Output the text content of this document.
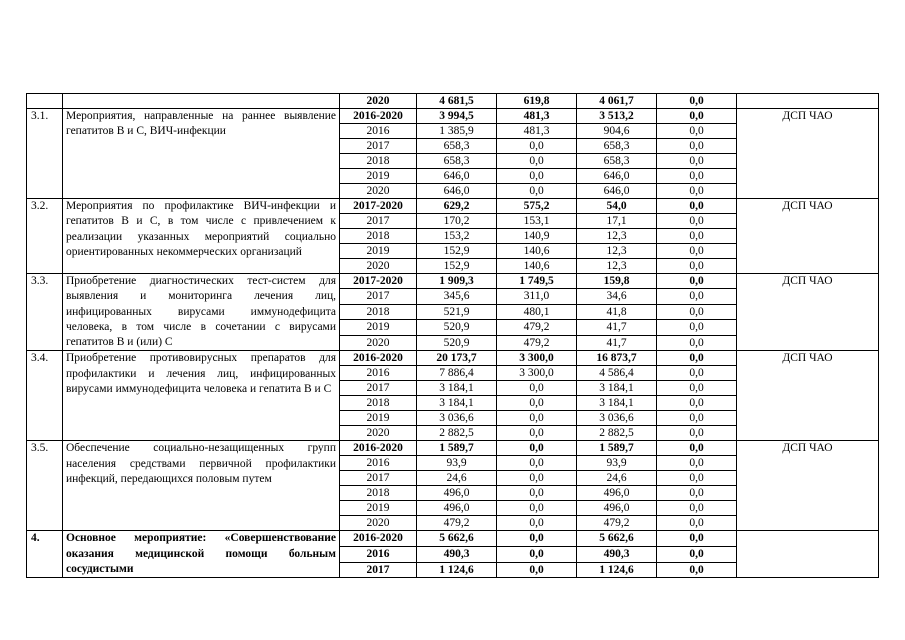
		2020	4 681,5	619,8	4 061,7	0,0	
3.1.	Мероприятия, направленные на раннее выявление гепатитов В и С, ВИЧ-инфекции	2016-2020	3 994,5	481,3	3 513,2	0,0	ДСП ЧАО
		2016	1 385,9	481,3	904,6	0,0	
		2017	658,3	0,0	658,3	0,0	
		2018	658,3	0,0	658,3	0,0	
		2019	646,0	0,0	646,0	0,0	
		2020	646,0	0,0	646,0	0,0	
3.2.	Мероприятия по профилактике ВИЧ-инфекции и гепатитов В и С, в том числе с привлечением к реализации указанных мероприятий социально ориентированных некоммерческих организаций	2017-2020	629,2	575,2	54,0	0,0	ДСП ЧАО
		2017	170,2	153,1	17,1	0,0	
		2018	153,2	140,9	12,3	0,0	
		2019	152,9	140,6	12,3	0,0	
		2020	152,9	140,6	12,3	0,0	
3.3.	Приобретение диагностических тест-систем для выявления и мониторинга лечения лиц, инфицированных вирусами иммунодефицита человека, в том числе в сочетании с вирусами гепатитов В и (или) С	2017-2020	1 909,3	1 749,5	159,8	0,0	ДСП ЧАО
		2017	345,6	311,0	34,6	0,0	
		2018	521,9	480,1	41,8	0,0	
		2019	520,9	479,2	41,7	0,0	
		2020	520,9	479,2	41,7	0,0	
3.4.	Приобретение противовирусных препаратов для профилактики и лечения лиц, инфицированных вирусами иммунодефицита человека и гепатита В и С	2016-2020	20 173,7	3 300,0	16 873,7	0,0	ДСП ЧАО
		2016	7 886,4	3 300,0	4 586,4	0,0	
		2017	3 184,1	0,0	3 184,1	0,0	
		2018	3 184,1	0,0	3 184,1	0,0	
		2019	3 036,6	0,0	3 036,6	0,0	
		2020	2 882,5	0,0	2 882,5	0,0	
3.5.	Обеспечение социально-незащищенных групп населения средствами первичной профилактики инфекций, передающихся половым путем	2016-2020	1 589,7	0,0	1 589,7	0,0	ДСП ЧАО
		2016	93,9	0,0	93,9	0,0	
		2017	24,6	0,0	24,6	0,0	
		2018	496,0	0,0	496,0	0,0	
		2019	496,0	0,0	496,0	0,0	
		2020	479,2	0,0	479,2	0,0	
4.	Основное мероприятие: «Совершенствование оказания медицинской помощи больным сосудистыми	2016-2020	5 662,6	0,0	5 662,6	0,0	
		2016	490,3	0,0	490,3	0,0	
		2017	1 124,6	0,0	1 124,6	0,0	
